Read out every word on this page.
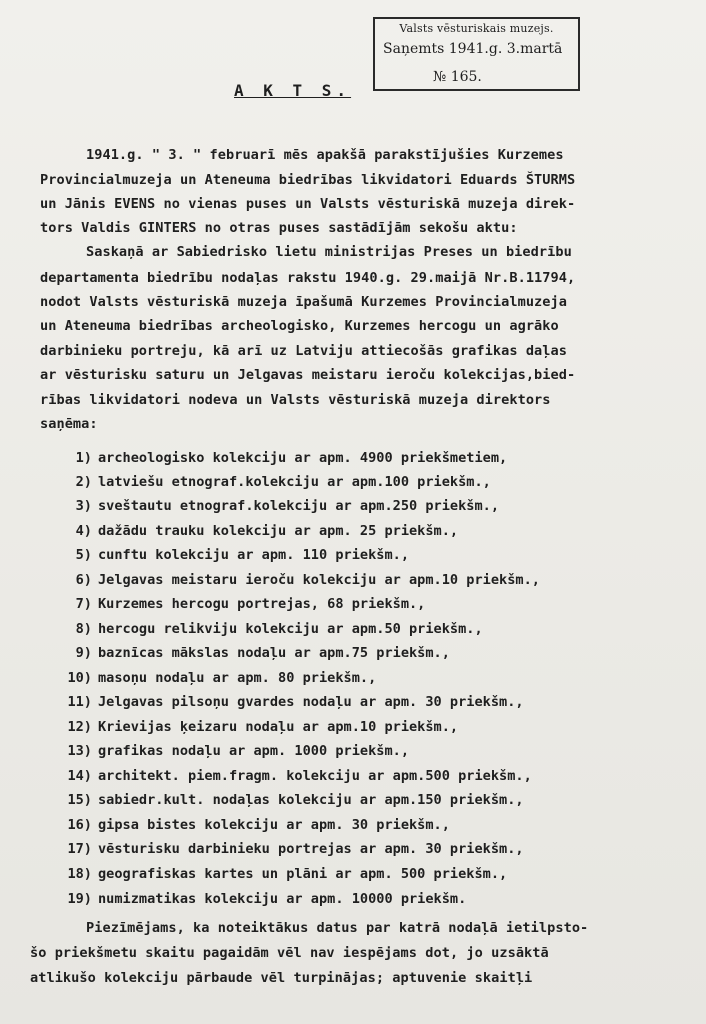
Valsts vēsturiskais muzejs.
Saņemts 1941.g. 3.martā
№ 165.
A K T S.
1941.g. " 3. " februarī mēs apakšā parakstījušies Kurzemes
Provincialmuzeja un Ateneuma biedrības likvidatori Eduards ŠTURMS
un Jānis EVENS no vienas puses un Valsts vēsturiskā muzeja direk-
tors Valdis GINTERS no otras puses sastādījām sekošu aktu:
Saskaņā ar Sabiedrisko lietu ministrijas Preses un biedrību
departamenta biedrību nodaļas rakstu 1940.g. 29.maijā Nr.B.11794,
nodot Valsts vēsturiskā muzeja īpašumā Kurzemes Provincialmuzeja
un Ateneuma biedrības archeologisko, Kurzemes hercogu un agrāko
darbinieku portreju, kā arī uz Latviju attiecošās grafikas daļas
ar vēsturisku saturu un Jelgavas meistaru ieroču kolekcijas,bied-
rības likvidatori nodeva un Valsts vēsturiskā muzeja direktors
saņēma:
1) archeologisko kolekciju ar apm. 4900 priekšmetiem,
2) latviešu etnograf.kolekciju ar apm.100 priekšm.,
3) sveštautu etnograf.kolekciju ar apm.250 priekšm.,
4) dažādu trauku kolekciju ar apm. 25 priekšm.,
5) cunftu kolekciju ar apm. 110 priekšm.,
6) Jelgavas meistaru ieroču kolekciju ar apm.10 priekšm.,
7) Kurzemes hercogu portrejas, 68 priekšm.,
8) hercogu relikviju kolekciju ar apm.50 priekšm.,
9) baznīcas mākslas nodaļu ar apm.75 priekšm.,
10) masoņu nodaļu ar apm. 80 priekšm.,
11) Jelgavas pilsoņu gvardes nodaļu ar apm. 30 priekšm.,
12) Krievijas ķeizaru nodaļu ar apm.10 priekšm.,
13) grafikas nodaļu ar apm. 1000 priekšm.,
14) architekt. piem.fragm. kolekciju ar apm.500 priekšm.,
15) sabiedr.kult. nodaļas kolekciju ar apm.150 priekšm.,
16) gipsa bistes kolekciju ar apm. 30 priekšm.,
17) vēsturisku darbinieku portrejas ar apm. 30 priekšm.,
18) geografiskas kartes un plāni ar apm. 500 priekšm.,
19) numizmatikas kolekciju ar apm. 10000 priekšm.
Piezīmējams, ka noteiktākus datus par katrā nodaļā ietilpsto-
šo priekšmetu skaitu pagaidām vēl nav iespējams dot, jo uzsāktā
atlikušo kolekciju pārbaude vēl turpinājas; aptuvenie skaitļi
